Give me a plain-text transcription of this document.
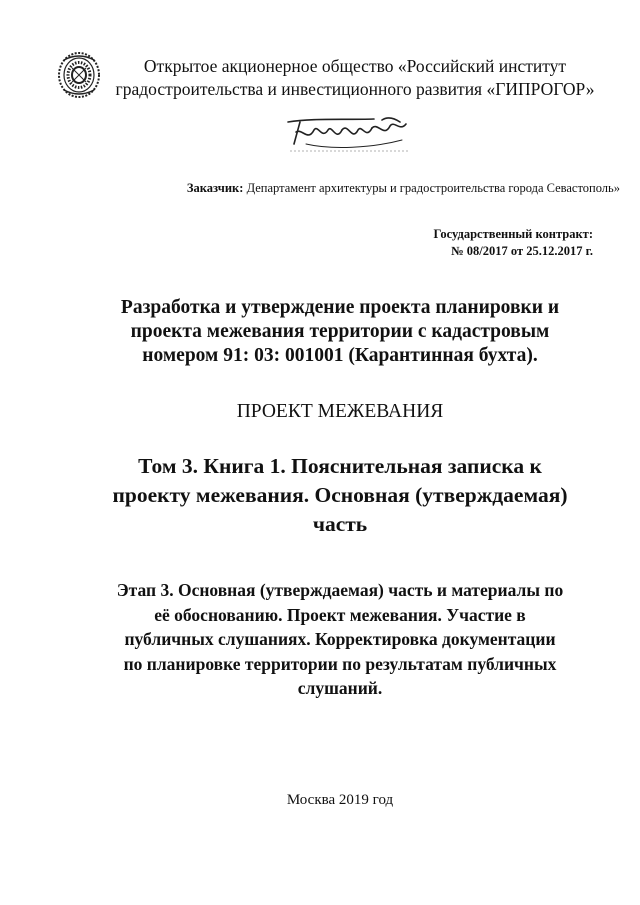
Открытое акционерное общество «Российский институт
градостроительства и инвестиционного развития «ГИПРОГОР»
Заказчик: Департамент архитектуры и градостроительства города Севастополь»
Государственный контракт:
№ 08/2017 от 25.12.2017 г.
Разработка и утверждение проекта планировки и
проекта межевания территории с кадастровым
номером 91: 03: 001001 (Карантинная бухта).
ПРОЕКТ МЕЖЕВАНИЯ
Том 3. Книга 1. Пояснительная записка к
проекту межевания. Основная (утверждаемая)
часть
Этап 3. Основная (утверждаемая) часть и материалы по
её обоснованию. Проект межевания. Участие в
публичных слушаниях. Корректировка документации
по планировке территории по результатам публичных
слушаний.
Москва 2019 год
